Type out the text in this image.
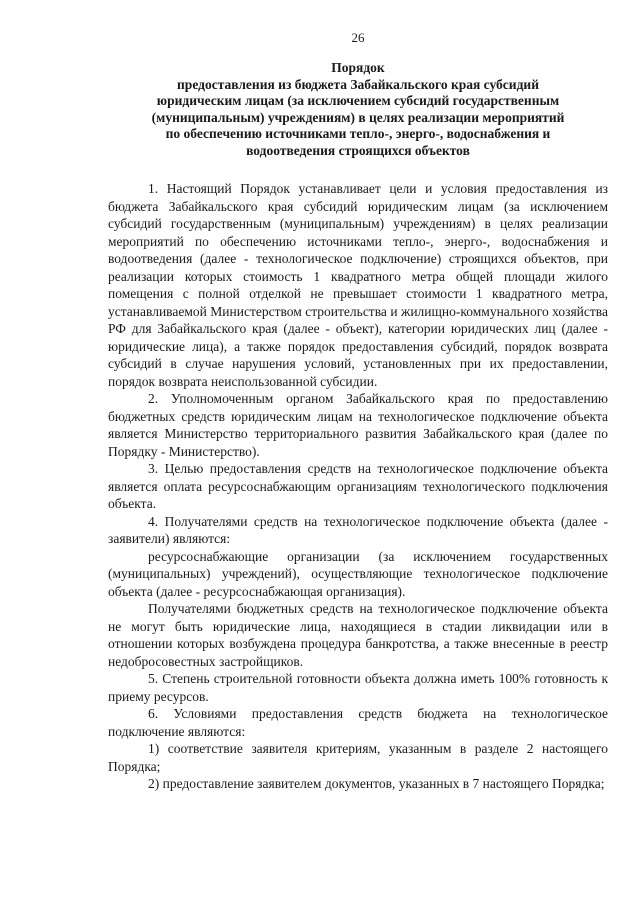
26
Порядок
предоставления из бюджета Забайкальского края субсидий
юридическим лицам (за исключением субсидий государственным
(муниципальным) учреждениям) в целях реализации мероприятий
по обеспечению источниками тепло-, энерго-, водоснабжения и
водоотведения строящихся объектов

1. Настоящий Порядок устанавливает цели и условия предоставления из бюджета Забайкальского края субсидий юридическим лицам (за исключением субсидий государственным (муниципальным) учреждениям) в целях реализации мероприятий по обеспечению источниками тепло-, энерго-, водоснабжения и водоотведения (далее - технологическое подключение) строящихся объектов, при реализации которых стоимость 1 квадратного метра общей площади жилого помещения с полной отделкой не превышает стоимости 1 квадратного метра, устанавливаемой Министерством строительства и жилищно-коммунального хозяйства РФ для Забайкальского края (далее - объект), категории юридических лиц (далее - юридические лица), а также порядок предоставления субсидий, порядок возврата субсидий в случае нарушения условий, установленных при их предоставлении, порядок возврата неиспользованной субсидии.

2. Уполномоченным органом Забайкальского края по предоставлению бюджетных средств юридическим лицам на технологическое подключение объекта является Министерство территориального развития Забайкальского края (далее по Порядку - Министерство).

3. Целью предоставления средств на технологическое подключение объекта является оплата ресурсоснабжающим организациям технологического подключения объекта.

4. Получателями средств на технологическое подключение объекта (далее - заявители) являются:

ресурсоснабжающие организации (за исключением государственных (муниципальных) учреждений), осуществляющие технологическое подключение объекта (далее - ресурсоснабжающая организация).

Получателями бюджетных средств на технологическое подключение объекта не могут быть юридические лица, находящиеся в стадии ликвидации или в отношении которых возбуждена процедура банкротства, а также внесенные в реестр недобросовестных застройщиков.

5. Степень строительной готовности объекта должна иметь 100% готовность к приему ресурсов.

6. Условиями предоставления средств бюджета на технологическое подключение являются:

1) соответствие заявителя критериям, указанным в разделе 2 настоящего Порядка;

2) предоставление заявителем документов, указанных в 7 настоящего Порядка;
